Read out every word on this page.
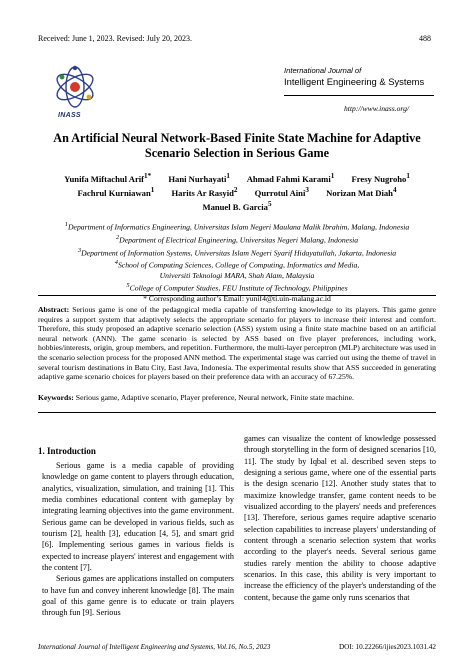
Received: June 1, 2023. Revised: July 20, 2023.	488
INASS
International Journal of
Intelligent Engineering & Systems
http://www.inass.org/
An Artificial Neural Network-Based Finite State Machine for Adaptive Scenario Selection in Serious Game
Yunifa Miftachul Arif$^{1*}$ Hani Nurhayati$^1$ Ahmad Fahmi Karami$^1$ Fresy Nugroho$^1$
Fachrul Kurniawan$^1$ Harits Ar Rasyid$^2$ Qurrotul Aini$^3$ Norizan Mat Diah$^4$
Manuel B. Garcia$^5$
$^1$Department of Informatics Engineering, Universitas Islam Negeri Maulana Malik Ibrahim, Malang, Indonesia
$^2$Department of Electrical Engineering, Universitas Negeri Malang, Indonesia
$^3$Department of Information Systems, Universitas Islam Negeri Syarif Hidayatullah, Jakarta, Indonesia
$^4$School of Computing Sciences, College of Computing, Informatics and Media,
Universiti Teknologi MARA, Shah Alam, Malaysia
$^5$College of Computer Studies, FEU Institute of Technology, Philippines
* Corresponding author’s Email: yunif4@ti.uin-malang.ac.id
Abstract: Serious game is one of the pedagogical media capable of transferring knowledge to its players. This game genre requires a support system that adaptively selects the appropriate scenario for players to increase their interest and comfort. Therefore, this study proposed an adaptive scenario selection (ASS) system using a finite state machine based on an artificial neural network (ANN). The game scenario is selected by ASS based on five player preferences, including work, hobbies/interests, origin, group members, and repetition. Furthermore, the multi-layer perceptron (MLP) architecture was used in the scenario selection process for the proposed ANN method. The experimental stage was carried out using the theme of travel in several tourism destinations in Batu City, East Java, Indonesia. The experimental results show that ASS succeeded in generating adaptive game scenario choices for players based on their preference data with an accuracy of 67.25%.
Keywords: Serious game, Adaptive scenario, Player preference, Neural network, Finite state machine.
1. Introduction

Serious game is a media capable of providing knowledge on game content to players through education, analytics, visualization, simulation, and training [1]. This media combines educational content with gameplay by integrating learning objectives into the game environment. Serious game can be developed in various fields, such as tourism [2], health [3], education [4, 5], and smart grid [6]. Implementing serious games in various fields is expected to increase players' interest and engagement with the content [7].

Serious games are applications installed on computers to have fun and convey inherent knowledge [8]. The main goal of this game genre is to educate or train players through fun [9]. Serious

games can visualize the content of knowledge possessed through storytelling in the form of designed scenarios [10, 11]. The study by Iqbal et al. described seven steps to designing a serious game, where one of the essential parts is the design scenario [12]. Another study states that to maximize knowledge transfer, game content needs to be visualized according to the players' needs and preferences [13]. Therefore, serious games require adaptive scenario selection capabilities to increase players' understanding of content through a scenario selection system that works according to the player's needs. Several serious game studies rarely mention the ability to choose adaptive scenarios. In this case, this ability is very important to increase the efficiency of the player's understanding of the content, because the game only runs scenarios that

International Journal of Intelligent Engineering and Systems, Vol.16, No.5, 2023	DOI: 10.22266/ijies2023.1031.42
